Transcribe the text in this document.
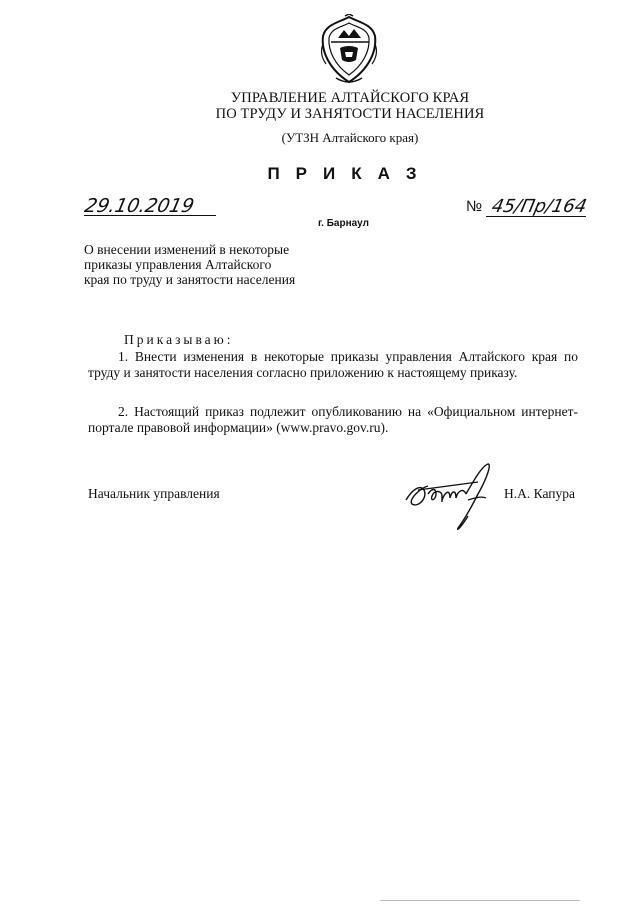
УПРАВЛЕНИЕ АЛТАЙСКОГО КРАЯ
ПО ТРУДУ И ЗАНЯТОСТИ НАСЕЛЕНИЯ
(УТЗН Алтайского края)
ПРИКАЗ
29.10.2019
г. Барнаул
№ 45/Пр/164
О внесении изменений в некоторые
приказы управления Алтайского
края по труду и занятости населения
Приказываю:
1. Внести изменения в некоторые приказы управления Алтайского края по труду и занятости населения согласно приложению к настоящему приказу.
2. Настоящий приказ подлежит опубликованию на «Официальном интернет-портале правовой информации» (www.pravo.gov.ru).
Начальник управления	Н.А. Капура
